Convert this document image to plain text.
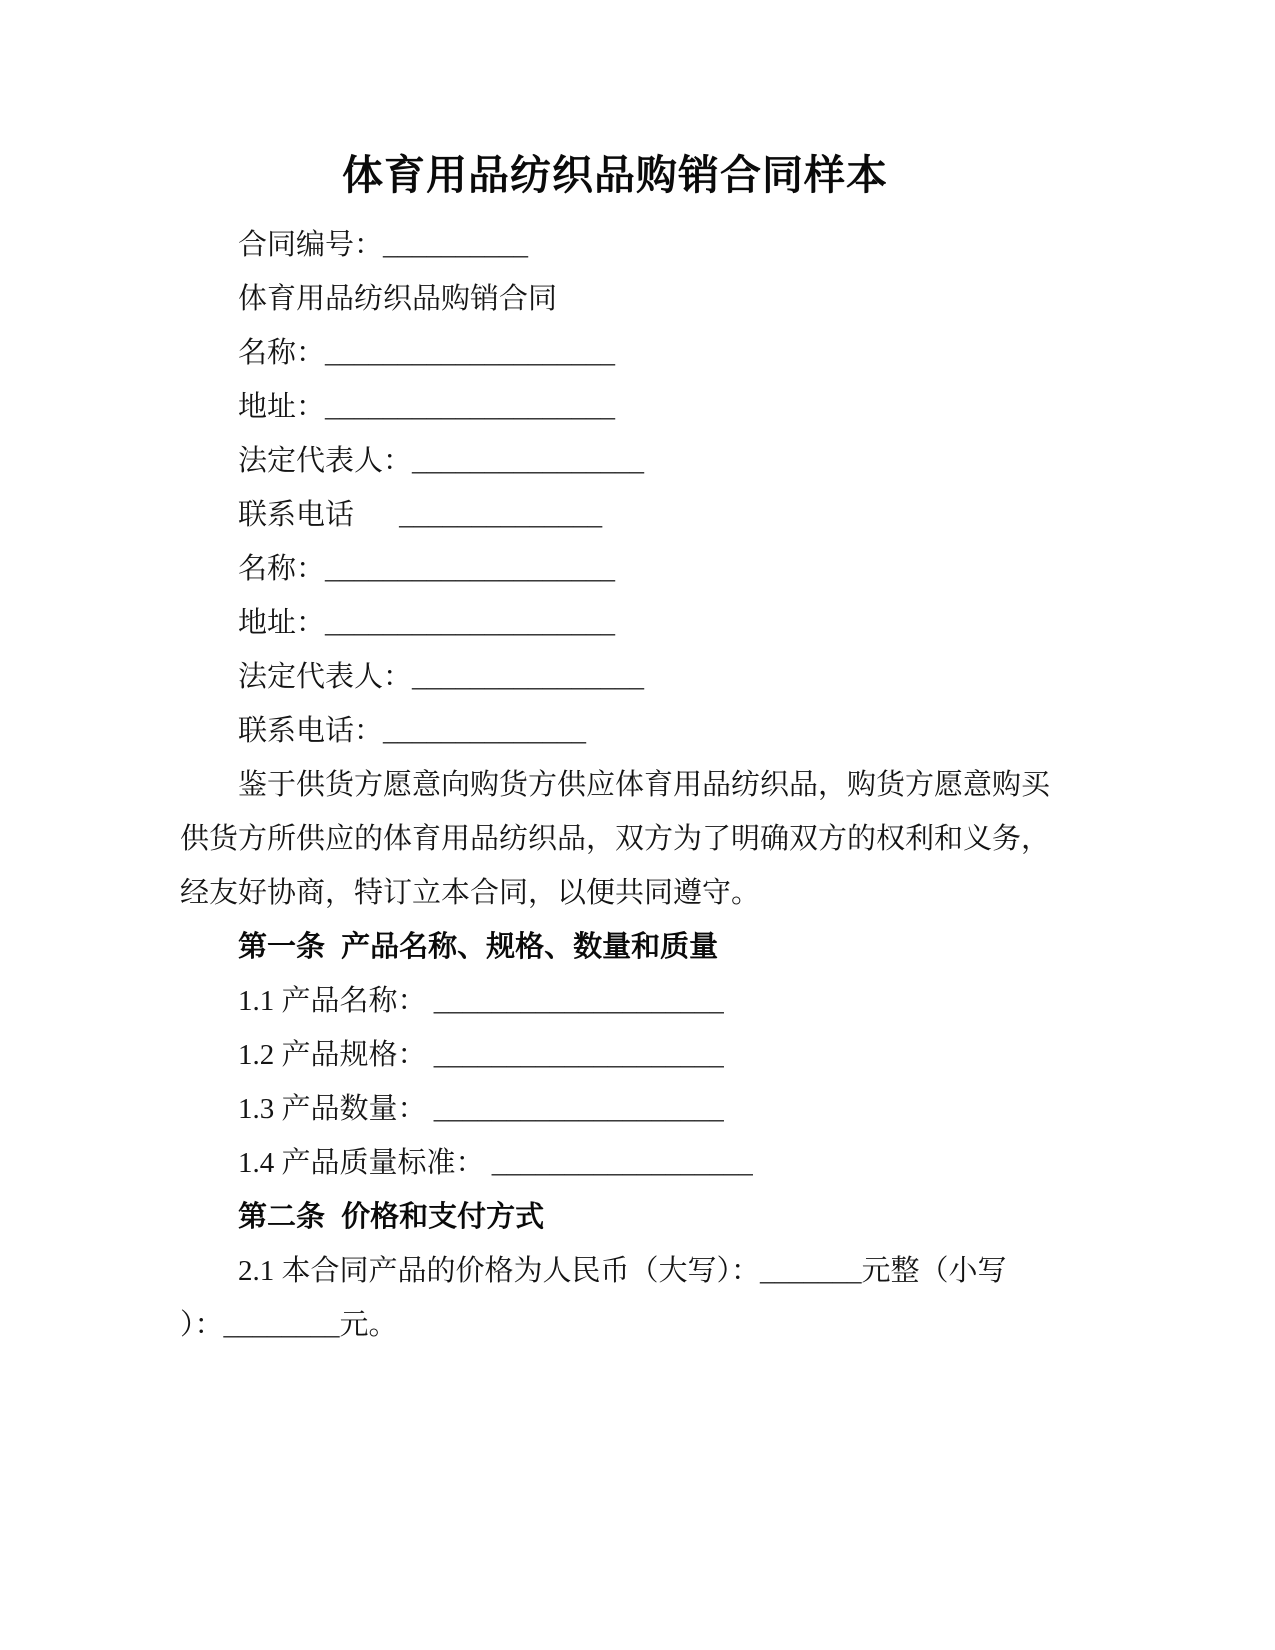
体育用品纺织品购销合同样本
合同编号：__________
体育用品纺织品购销合同
名称：____________________
地址：____________________
法定代表人：________________
联系电话：ْ______________
名称：____________________
地址：____________________
法定代表人：________________
联系电话：______________
鉴于供货方愿意向购货方供应体育用品纺织品，购货方愿意购买
供货方所供应的体育用品纺织品，双方为了明确双方的权利和义务，
经友好协商，特订立本合同，以便共同遵守。
第一条  产品名称、规格、数量和质量
1.1 产品名称： ____________________
1.2 产品规格： ____________________
1.3 产品数量： ____________________
1.4 产品质量标准： __________________
第二条  价格和支付方式
2.1 本合同产品的价格为人民币（大写）：_______元整（小写
）：________元。
